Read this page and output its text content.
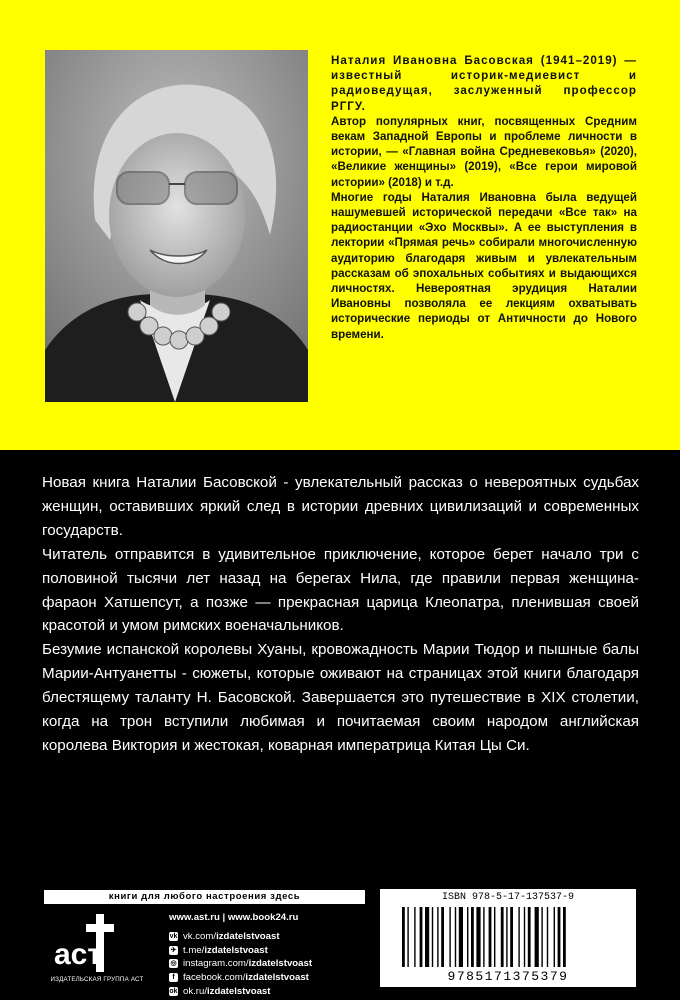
Наталия Ивановна Басовская (1941–2019) — известный историк-медиевист и радиоведущая, заслуженный профессор РГГУ.

Автор популярных книг, посвященных Средним векам Западной Европы и проблеме личности в истории, — «Главная война Средневековья» (2020), «Великие женщины» (2019), «Все герои мировой истории» (2018) и т.д.

Многие годы Наталия Ивановна была ведущей нашумевшей исторической передачи «Все так» на радиостанции «Эхо Москвы». А ее выступления в лектории «Прямая речь» собирали многочисленную аудиторию благодаря живым и увлекательным рассказам об эпохальных событиях и выдающихся личностях. Невероятная эрудиция Наталии Ивановны позволяла ее лекциям охватывать исторические периоды от Античности до Нового времени.

Новая книга Наталии Басовской - увлекательный рассказ о невероятных судьбах женщин, оставивших яркий след в истории древних цивилизаций и современных государств.

Читатель отправится в удивительное приключение, которое берет начало три с половиной тысячи лет назад на берегах Нила, где правили первая женщина-фараон Хатшепсут, а позже — прекрасная царица Клеопатра, пленившая своей красотой и умом римских военачальников.

Безумие испанской королевы Хуаны, кровожадность Марии Тюдор и пышные балы Марии-Антуанетты - сюжеты, которые оживают на страницах этой книги благодаря блестящему таланту Н. Басовской. Завершается это путешествие в XIX столетии, когда на трон вступили любимая и почитаемая своим народом английская королева Виктория и жестокая, коварная императрица Китая Цы Си.

книги для любого настроения здесь
аст
ИЗДАТЕЛЬСКАЯ ГРУППА АСТ
www.ast.ru | www.book24.ru
vk vk.com/izdatelstvoast
✈ t.me/izdatelstvoast
◎ instagram.com/izdatelstvoast
f facebook.com/izdatelstvoast
ok ok.ru/izdatelstvoast
ISBN 978-5-17-137537-9
9785171375379
